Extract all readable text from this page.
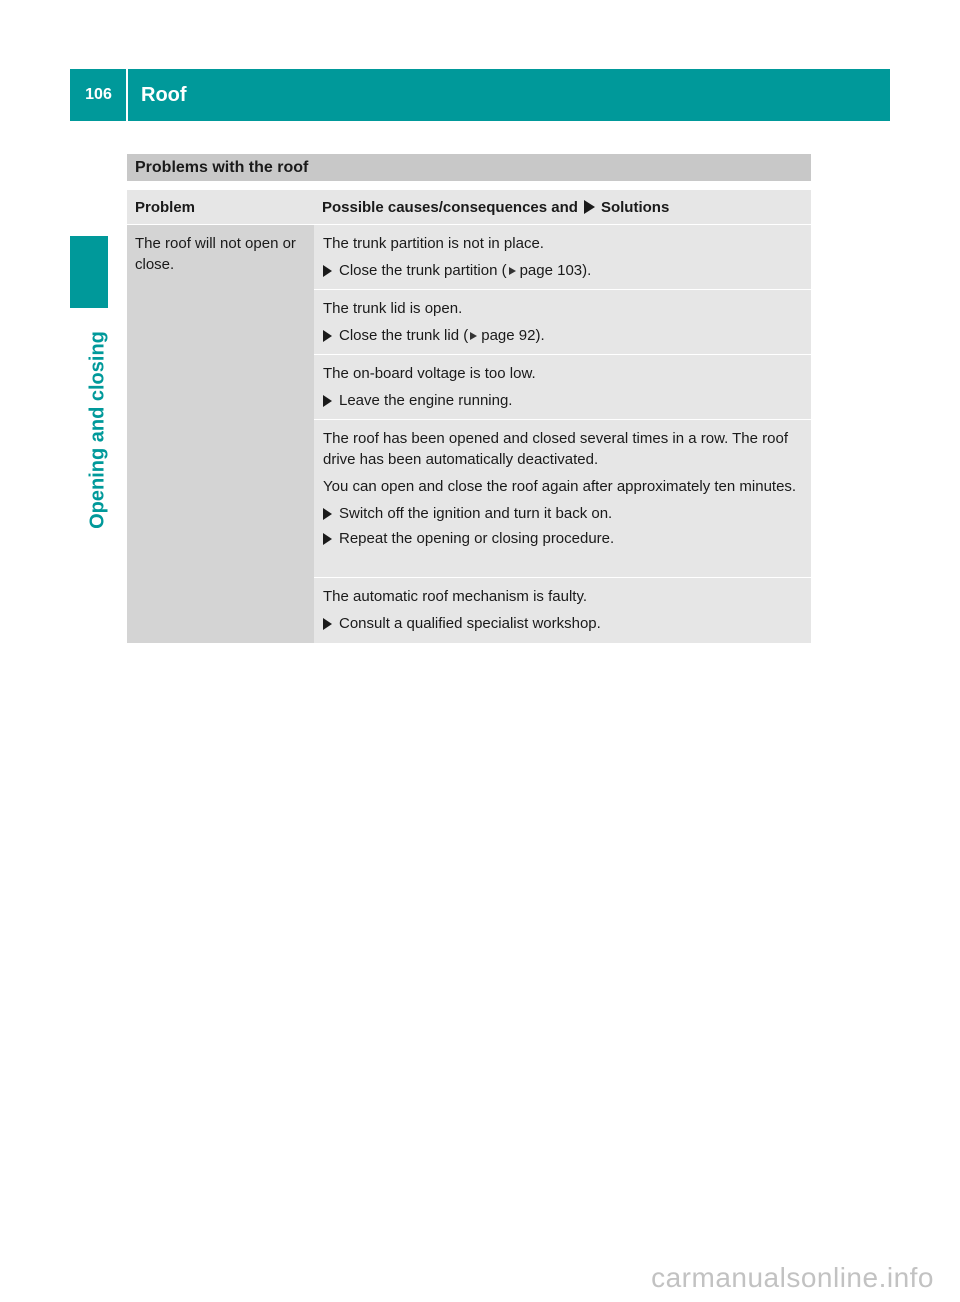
106	Roof
Opening and closing
Problems with the roof
Problem	Possible causes/consequences and Solutions
The roof will not open or close.

The trunk partition is not in place.

Close the trunk partition ( page 103).

The trunk lid is open.

Close the trunk lid ( page 92).

The on-board voltage is too low.

Leave the engine running.

The roof has been opened and closed several times in a row. The roof drive has been automatically deactivated.

You can open and close the roof again after approximately ten minutes.

Switch off the ignition and turn it back on.
Repeat the opening or closing procedure.

The automatic roof mechanism is faulty.

Consult a qualified specialist workshop.
carmanualsonline.info
